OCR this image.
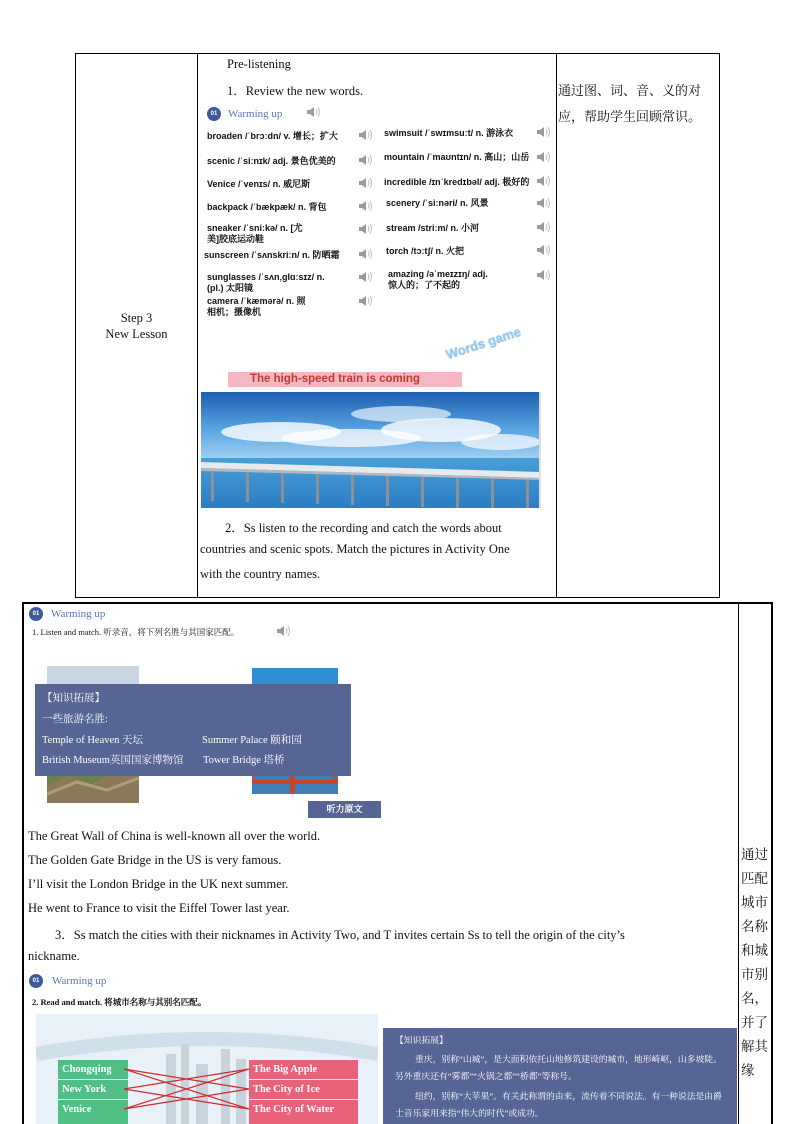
Step 3
New Lesson
Pre-listening
1．Review the new words.
01 Warming up
broaden /ˈbrɔːdn/ v. 增长；扩大
scenic /ˈsiːnɪk/ adj. 景色优美的
Venice /ˈvenɪs/ n. 威尼斯
backpack /ˈbækpæk/ n. 背包
sneaker /ˈsniːkə/ n. [尤美]胶底运动鞋
sunscreen /ˈsʌnskriːn/ n. 防晒霜
sunglasses /ˈsʌn‚ɡlɑːsɪz/ n. (pl.) 太阳镜
camera /ˈkæmərə/ n. 照相机；摄像机
swimsuit /ˈswɪmsuːt/ n. 游泳衣
mountain /ˈmaʊntɪn/ n. 高山；山岳
incredible /ɪnˈkredɪbəl/ adj. 极好的
scenery /ˈsiːnəri/ n. 风景
stream /striːm/ n. 小河
torch /tɔːtʃ/ n. 火把
amazing /əˈmeɪzɪŋ/ adj. 惊人的；了不起的
Words game
The high-speed train is coming
2．Ss listen to the recording and catch the words about
countries and scenic spots. Match the pictures in Activity One
with the country names.
通过图、词、音、义的对应，帮助学生回顾常识。
01	Warming up
1. Listen and match. 听录音，将下列名胜与其国家匹配。
【知识拓展】
一些旅游名胜:
Temple of Heaven 天坛	Summer Palace 颐和园
British Museum英国国家博物馆 Tower Bridge 塔桥
听力原文
The Great Wall of China is well-known all over the world.
The Golden Gate Bridge in the US is very famous.
I’ll visit the London Bridge in the UK next summer.
He went to France to visit the Eiffel Tower last year.
3．Ss match the cities with their nicknames in Activity Two, and T invites certain Ss to tell the origin of the city’s
nickname.
01	Warming up
2. Read and match. 将城市名称与其别名匹配。
Chongqing
New York
Venice
The Big Apple
The City of Ice
The City of Water
【知识拓展】
重庆，别称“山城”，是大面积依托山地修筑建设的城市，地形崎岖，山多坡陡。另外重庆还有“雾都”“火锅之都”“桥都”等称号。
纽约，别称“大苹果”。有关此称谓的由来，流传着不同说法。有一种说法是由爵士音乐家用来指“伟大的时代”或成功。
通过
匹配
城市
名称
和城
市别
名，
并了
解其
缘
